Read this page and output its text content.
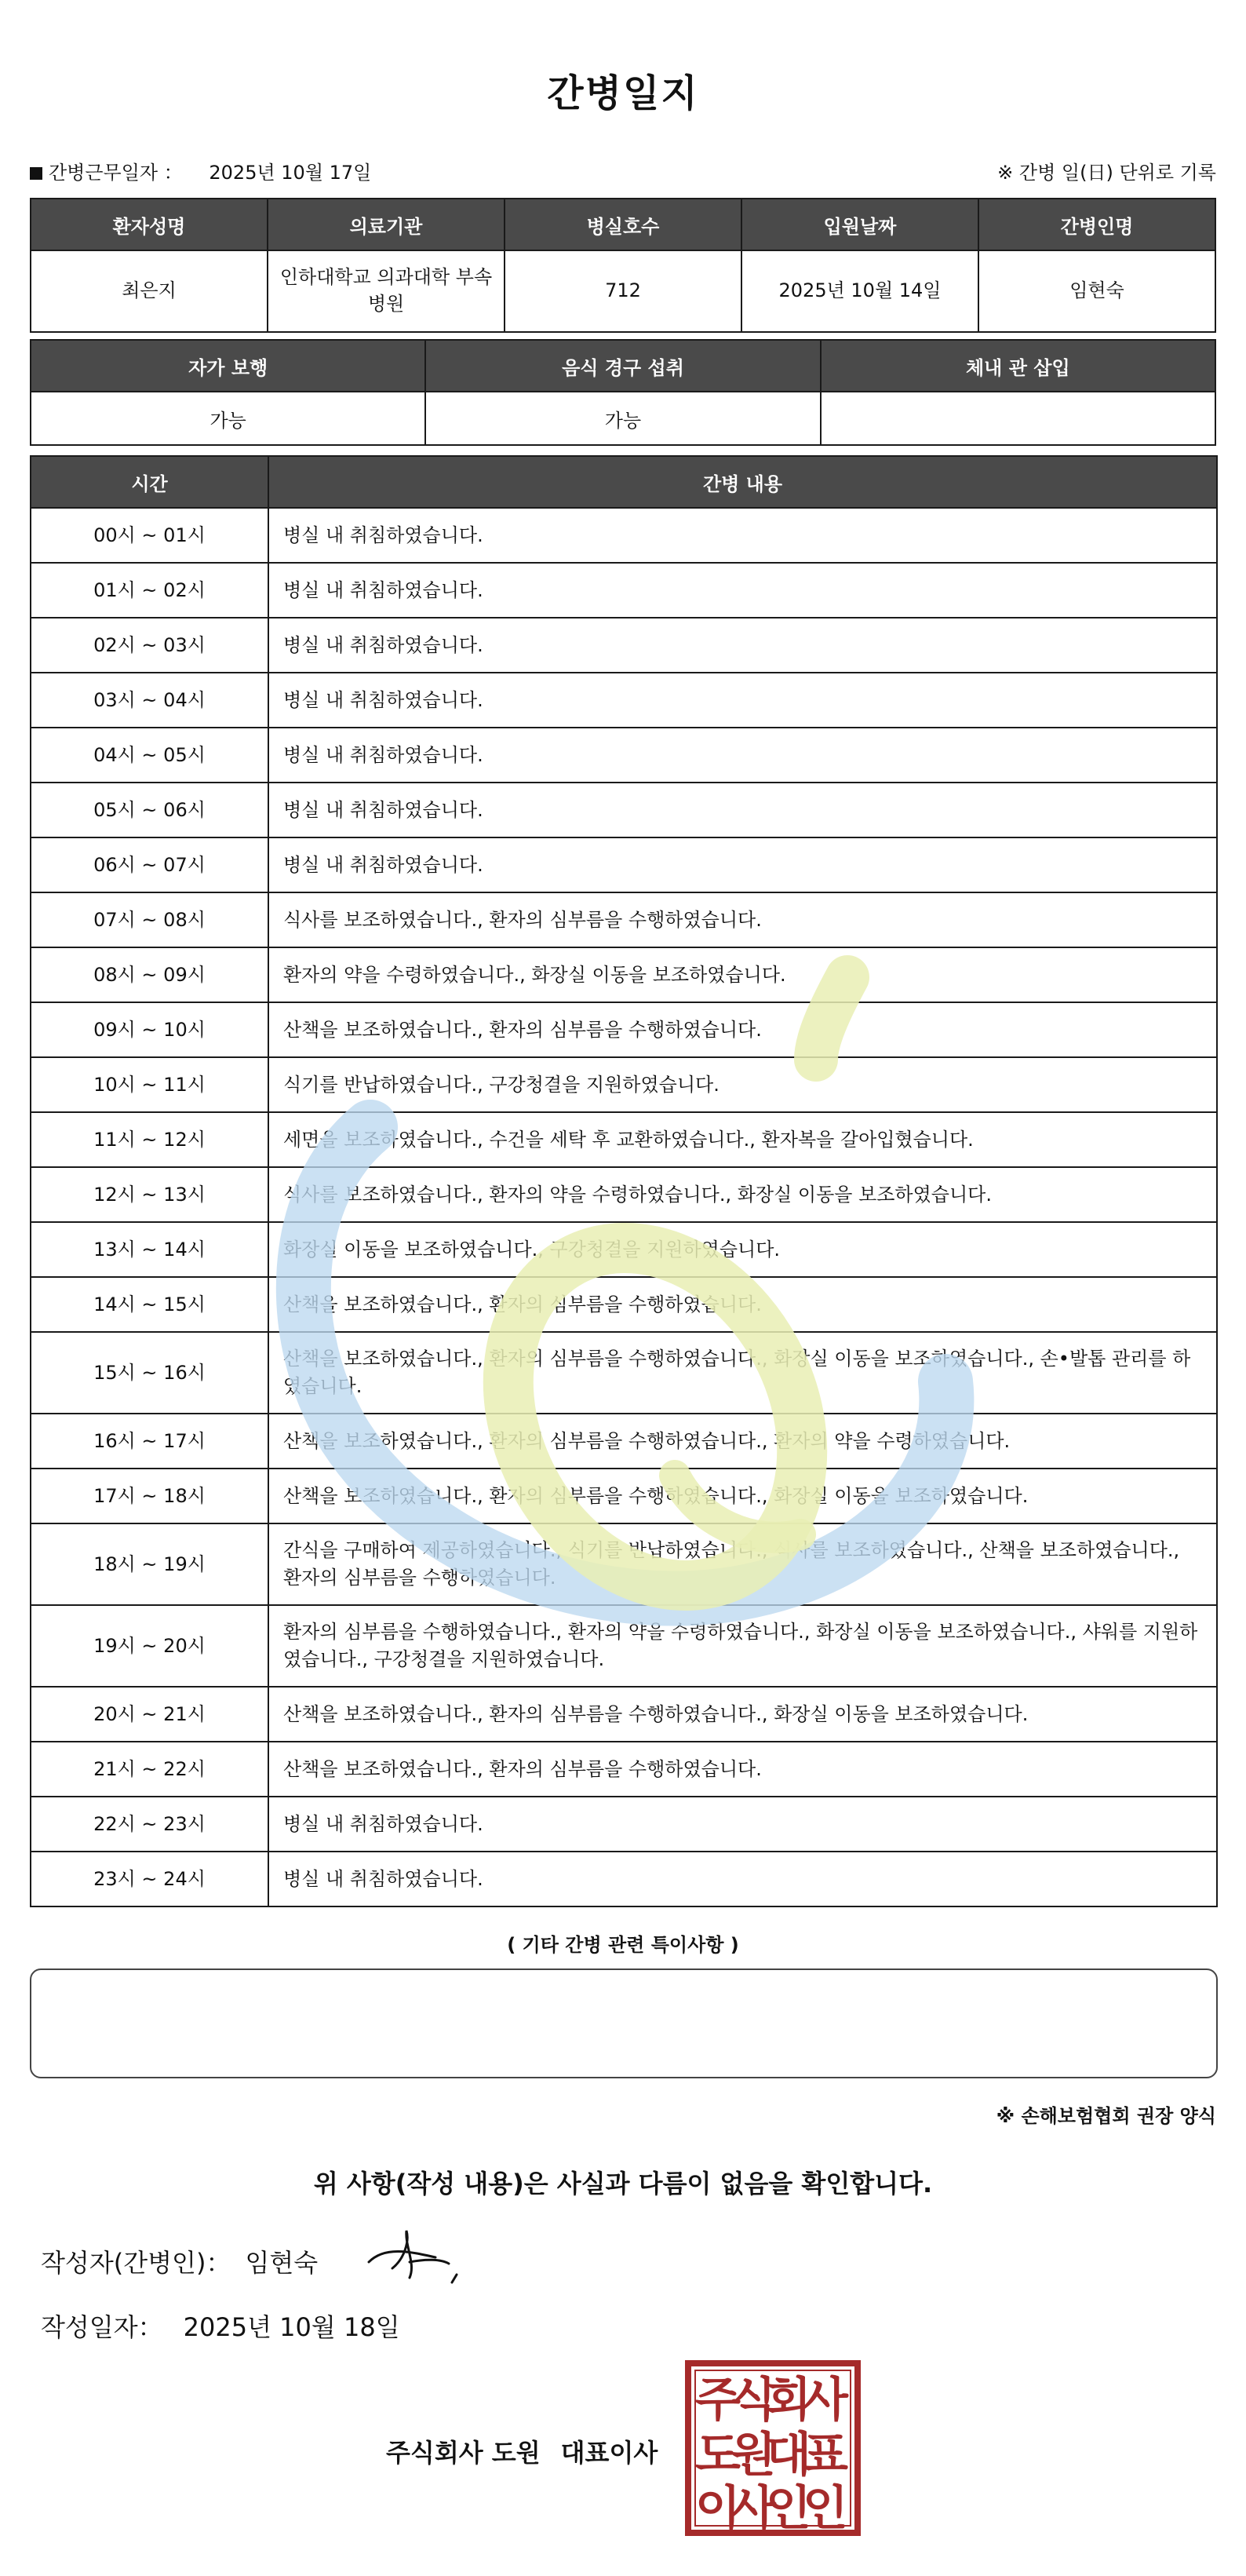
간병일지
간병근무일자 ： 2025년 10월 17일	※ 간병 일(日) 단위로 기록
환자성명	의료기관	병실호수	입원날짜	간병인명
최은지	인하대학교 의과대학 부속병원	712	2025년 10월 14일	임현숙
자가 보행	음식 경구 섭취	체내 관 삽입
가능	가능	
시간	간병 내용
00시 ~ 01시	병실 내 취침하였습니다.
01시 ~ 02시	병실 내 취침하였습니다.
02시 ~ 03시	병실 내 취침하였습니다.
03시 ~ 04시	병실 내 취침하였습니다.
04시 ~ 05시	병실 내 취침하였습니다.
05시 ~ 06시	병실 내 취침하였습니다.
06시 ~ 07시	병실 내 취침하였습니다.
07시 ~ 08시	식사를 보조하였습니다., 환자의 심부름을 수행하였습니다.
08시 ~ 09시	환자의 약을 수령하였습니다., 화장실 이동을 보조하였습니다.
09시 ~ 10시	산책을 보조하였습니다., 환자의 심부름을 수행하였습니다.
10시 ~ 11시	식기를 반납하였습니다., 구강청결을 지원하였습니다.
11시 ~ 12시	세면을 보조하였습니다., 수건을 세탁 후 교환하였습니다., 환자복을 갈아입혔습니다.
12시 ~ 13시	식사를 보조하였습니다., 환자의 약을 수령하였습니다., 화장실 이동을 보조하였습니다.
13시 ~ 14시	화장실 이동을 보조하였습니다., 구강청결을 지원하였습니다.
14시 ~ 15시	산책을 보조하였습니다., 환자의 심부름을 수행하였습니다.
15시 ~ 16시	산책을 보조하였습니다., 환자의 심부름을 수행하였습니다., 화장실 이동을 보조하였습니다., 손•발톱 관리를 하였습니다.
16시 ~ 17시	산책을 보조하였습니다., 환자의 심부름을 수행하였습니다., 환자의 약을 수령하였습니다.
17시 ~ 18시	산책을 보조하였습니다., 환자의 심부름을 수행하였습니다., 화장실 이동을 보조하였습니다.
18시 ~ 19시	간식을 구매하여 제공하였습니다., 식기를 반납하였습니다., 식사를 보조하였습니다., 산책을 보조하였습니다., 환자의 심부름을 수행하였습니다.
19시 ~ 20시	환자의 심부름을 수행하였습니다., 환자의 약을 수령하였습니다., 화장실 이동을 보조하였습니다., 샤워를 지원하였습니다., 구강청결을 지원하였습니다.
20시 ~ 21시	산책을 보조하였습니다., 환자의 심부름을 수행하였습니다., 화장실 이동을 보조하였습니다.
21시 ~ 22시	산책을 보조하였습니다., 환자의 심부름을 수행하였습니다.
22시 ~ 23시	병실 내 취침하였습니다.
23시 ~ 24시	병실 내 취침하였습니다.
( 기타 간병 관련 특이사항 )
※ 손해보험협회 권장 양식
위 사항(작성 내용)은 사실과 다름이 없음을 확인합니다.
작성자(간병인)： 임현숙
작성일자： 2025년 10월 18일
주식회사 도원 대표이사
주
식
회
사
도
원
대
표
이
사
인
인
